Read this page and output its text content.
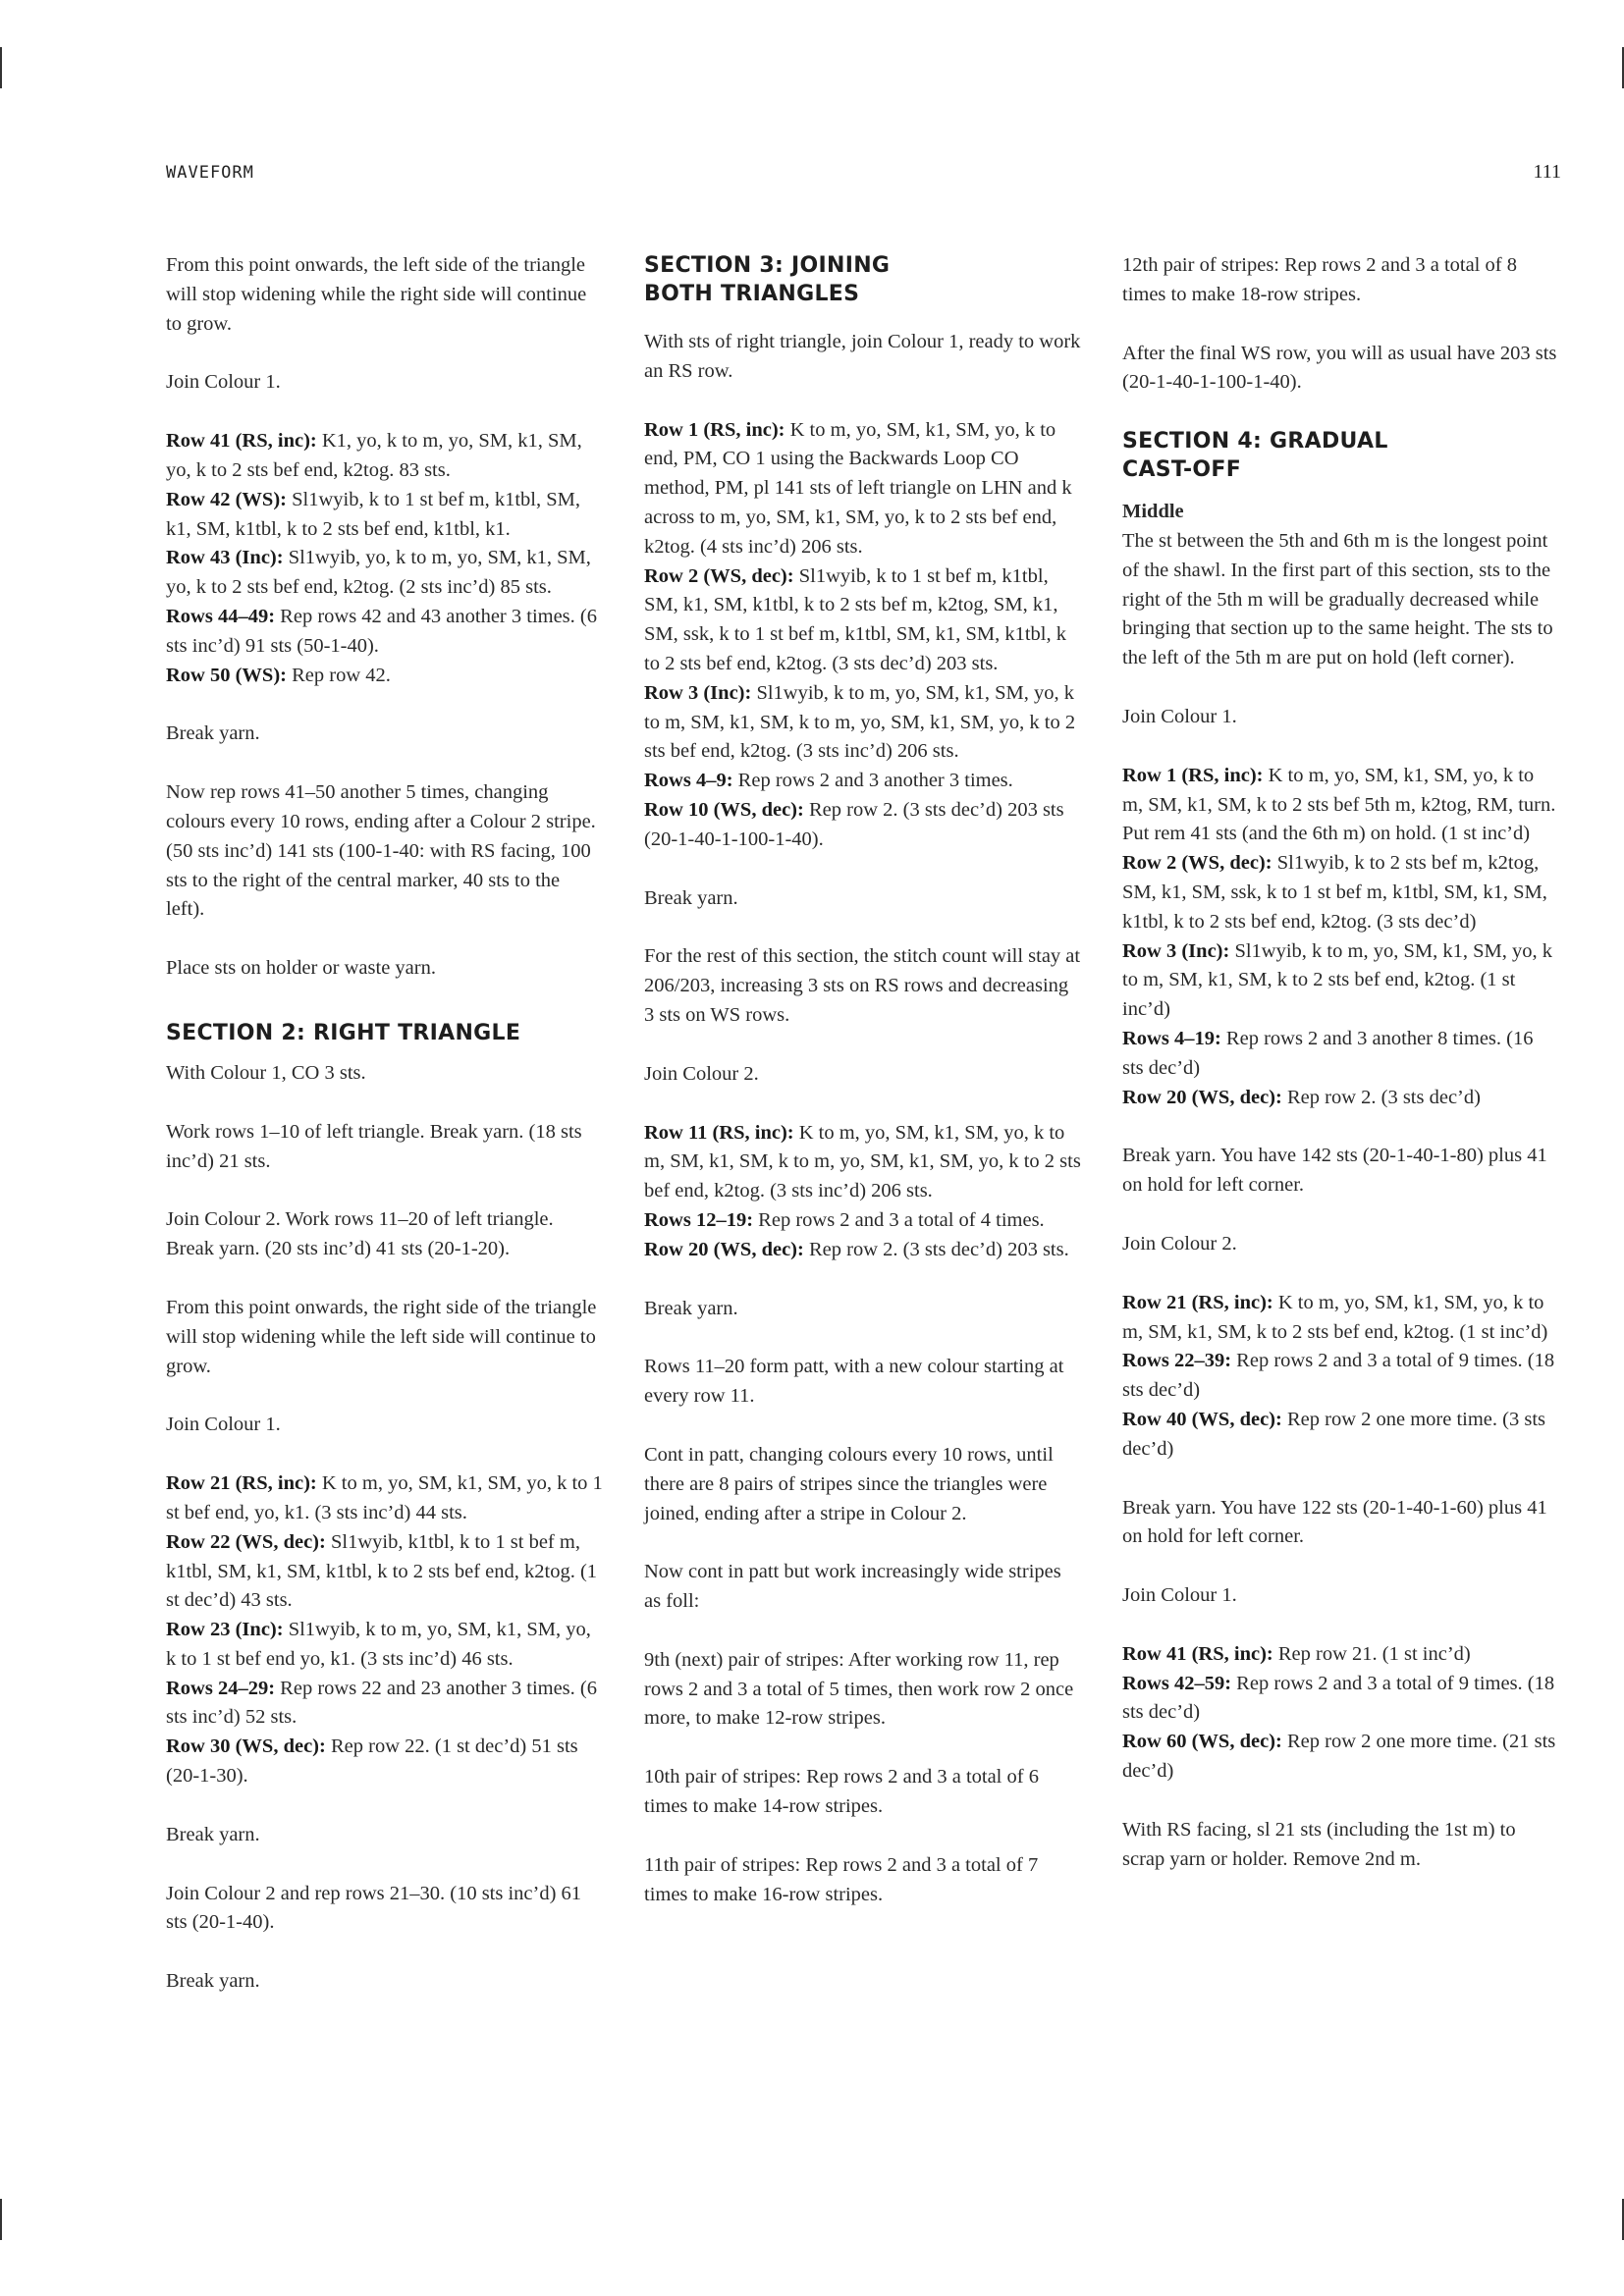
WAVEFORM	111

From this point onwards, the left side of the triangle will stop widening while the right side will continue to grow.

Join Colour 1.

Row 41 (RS, inc): K1, yo, k to m, yo, SM, k1, SM, yo, k to 2 sts bef end, k2tog. 83 sts.
Row 42 (WS): Sl1wyib, k to 1 st bef m, k1tbl, SM, k1, SM, k1tbl, k to 2 sts bef end, k1tbl, k1.
Row 43 (Inc): Sl1wyib, yo, k to m, yo, SM, k1, SM, yo, k to 2 sts bef end, k2tog. (2 sts inc’d) 85 sts.
Rows 44–49: Rep rows 42 and 43 another 3 times. (6 sts inc’d) 91 sts (50-1-40).
Row 50 (WS): Rep row 42.

Break yarn.

Now rep rows 41–50 another 5 times, changing colours every 10 rows, ending after a Colour 2 stripe. (50 sts inc’d) 141 sts (100-1-40: with RS facing, 100 sts to the right of the central marker, 40 sts to the left).

Place sts on holder or waste yarn.

SECTION 2: RIGHT TRIANGLE

With Colour 1, CO 3 sts.

Work rows 1–10 of left triangle. Break yarn. (18 sts inc’d) 21 sts.

Join Colour 2. Work rows 11–20 of left triangle. Break yarn. (20 sts inc’d) 41 sts (20-1-20).

From this point onwards, the right side of the triangle will stop widening while the left side will continue to grow.

Join Colour 1.

Row 21 (RS, inc): K to m, yo, SM, k1, SM, yo, k to 1 st bef end, yo, k1. (3 sts inc’d) 44 sts.
Row 22 (WS, dec): Sl1wyib, k1tbl, k to 1 st bef m, k1tbl, SM, k1, SM, k1tbl, k to 2 sts bef end, k2tog. (1 st dec’d) 43 sts.
Row 23 (Inc): Sl1wyib, k to m, yo, SM, k1, SM, yo, k to 1 st bef end yo, k1. (3 sts inc’d) 46 sts.
Rows 24–29: Rep rows 22 and 23 another 3 times. (6 sts inc’d) 52 sts.
Row 30 (WS, dec): Rep row 22. (1 st dec’d) 51 sts (20-1-30).

Break yarn.

Join Colour 2 and rep rows 21–30. (10 sts inc’d) 61 sts (20-1-40).

Break yarn.

SECTION 3: JOINING BOTH TRIANGLES

With sts of right triangle, join Colour 1, ready to work an RS row.

Row 1 (RS, inc): K to m, yo, SM, k1, SM, yo, k to end, PM, CO 1 using the Backwards Loop CO method, PM, pl 141 sts of left triangle on LHN and k across to m, yo, SM, k1, SM, yo, k to 2 sts bef end, k2tog. (4 sts inc’d) 206 sts.
Row 2 (WS, dec): Sl1wyib, k to 1 st bef m, k1tbl, SM, k1, SM, k1tbl, k to 2 sts bef m, k2tog, SM, k1, SM, ssk, k to 1 st bef m, k1tbl, SM, k1, SM, k1tbl, k to 2 sts bef end, k2tog. (3 sts dec’d) 203 sts.
Row 3 (Inc): Sl1wyib, k to m, yo, SM, k1, SM, yo, k to m, SM, k1, SM, k to m, yo, SM, k1, SM, yo, k to 2 sts bef end, k2tog. (3 sts inc’d) 206 sts.
Rows 4–9: Rep rows 2 and 3 another 3 times.
Row 10 (WS, dec): Rep row 2. (3 sts dec’d) 203 sts (20-1-40-1-100-1-40).

Break yarn.

For the rest of this section, the stitch count will stay at 206/203, increasing 3 sts on RS rows and decreasing 3 sts on WS rows.

Join Colour 2.

Row 11 (RS, inc): K to m, yo, SM, k1, SM, yo, k to m, SM, k1, SM, k to m, yo, SM, k1, SM, yo, k to 2 sts bef end, k2tog. (3 sts inc’d) 206 sts.
Rows 12–19: Rep rows 2 and 3 a total of 4 times.
Row 20 (WS, dec): Rep row 2. (3 sts dec’d) 203 sts.

Break yarn.

Rows 11–20 form patt, with a new colour starting at every row 11.

Cont in patt, changing colours every 10 rows, until there are 8 pairs of stripes since the triangles were joined, ending after a stripe in Colour 2.

Now cont in patt but work increasingly wide stripes as foll:

9th (next) pair of stripes: After working row 11, rep rows 2 and 3 a total of 5 times, then work row 2 once more, to make 12-row stripes.

10th pair of stripes: Rep rows 2 and 3 a total of 6 times to make 14-row stripes.

11th pair of stripes: Rep rows 2 and 3 a total of 7 times to make 16-row stripes.

12th pair of stripes: Rep rows 2 and 3 a total of 8 times to make 18-row stripes.

After the final WS row, you will as usual have 203 sts (20-1-40-1-100-1-40).

SECTION 4: GRADUAL CAST-OFF
Middle

The st between the 5th and 6th m is the longest point of the shawl. In the first part of this section, sts to the right of the 5th m will be gradually decreased while bringing that section up to the same height. The sts to the left of the 5th m are put on hold (left corner).

Join Colour 1.

Row 1 (RS, inc): K to m, yo, SM, k1, SM, yo, k to m, SM, k1, SM, k to 2 sts bef 5th m, k2tog, RM, turn. Put rem 41 sts (and the 6th m) on hold. (1 st inc’d)
Row 2 (WS, dec): Sl1wyib, k to 2 sts bef m, k2tog, SM, k1, SM, ssk, k to 1 st bef m, k1tbl, SM, k1, SM, k1tbl, k to 2 sts bef end, k2tog. (3 sts dec’d)
Row 3 (Inc): Sl1wyib, k to m, yo, SM, k1, SM, yo, k to m, SM, k1, SM, k to 2 sts bef end, k2tog. (1 st inc’d)
Rows 4–19: Rep rows 2 and 3 another 8 times. (16 sts dec’d)
Row 20 (WS, dec): Rep row 2. (3 sts dec’d)

Break yarn. You have 142 sts (20-1-40-1-80) plus 41 on hold for left corner.

Join Colour 2.

Row 21 (RS, inc): K to m, yo, SM, k1, SM, yo, k to m, SM, k1, SM, k to 2 sts bef end, k2tog. (1 st inc’d)
Rows 22–39: Rep rows 2 and 3 a total of 9 times. (18 sts dec’d)
Row 40 (WS, dec): Rep row 2 one more time. (3 sts dec’d)

Break yarn. You have 122 sts (20-1-40-1-60) plus 41 on hold for left corner.

Join Colour 1.

Row 41 (RS, inc): Rep row 21. (1 st inc’d)
Rows 42–59: Rep rows 2 and 3 a total of 9 times. (18 sts dec’d)
Row 60 (WS, dec): Rep row 2 one more time. (21 sts dec’d)

With RS facing, sl 21 sts (including the 1st m) to scrap yarn or holder. Remove 2nd m.
